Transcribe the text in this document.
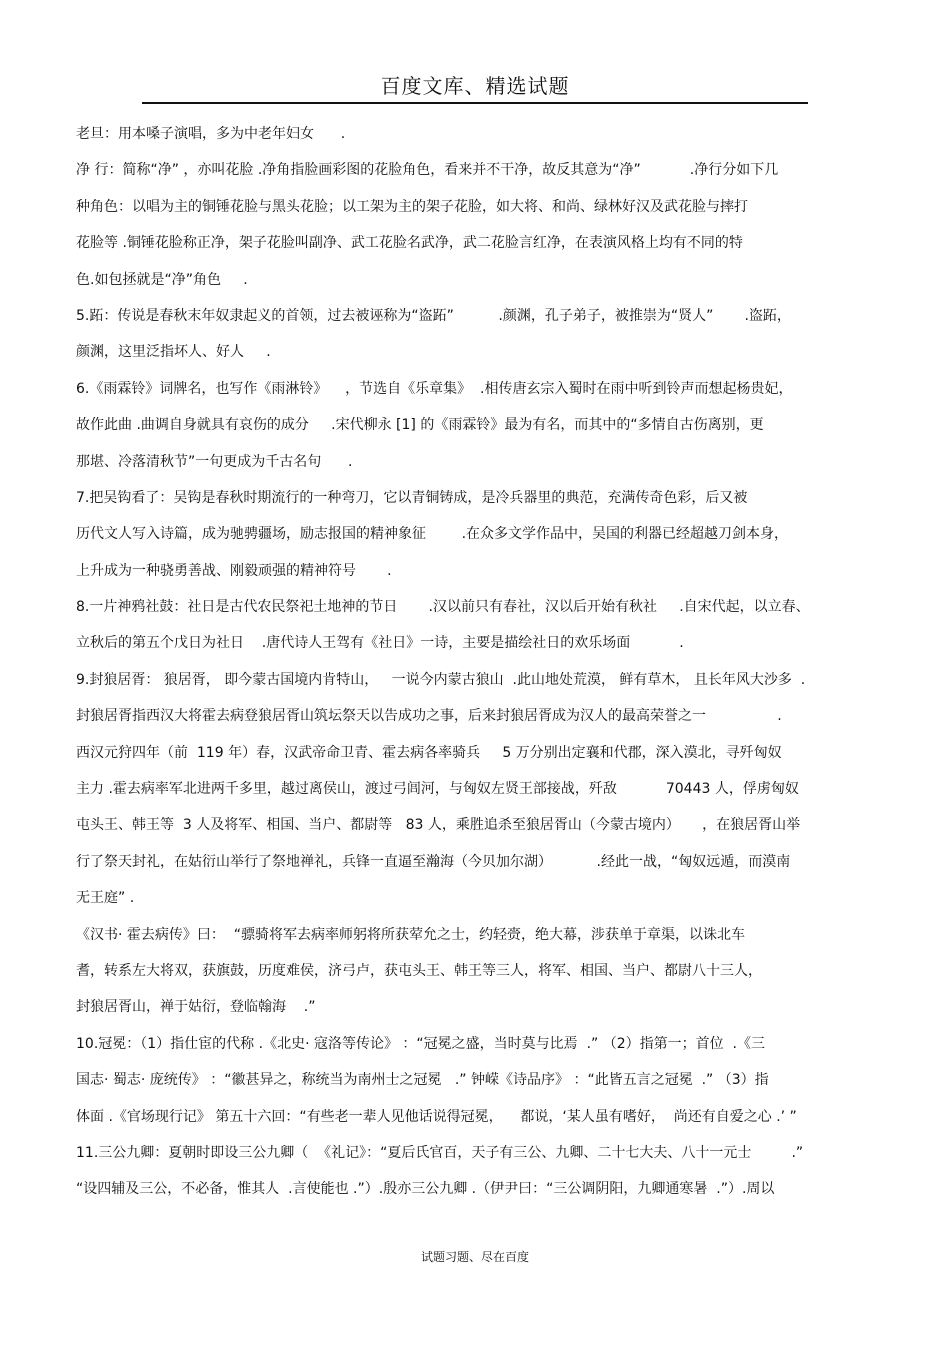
百度文库、精选试题
老旦：用本嗓子演唱，多为中老年妇女      .
净 行：简称“净” ，亦叫花脸 .净角指脸画彩图的花脸角色，看来并不干净，故反其意为“净”           .净行分如下几
种角色：以唱为主的铜锤花脸与黑头花脸；以工架为主的架子花脸，如大将、和尚、绿林好汉及武花脸与摔打
花脸等 .铜锤花脸称正净，架子花脸叫副净、武工花脸名武净，武二花脸言红净，在表演风格上均有不同的特
色.如包拯就是“净”角色     .
5.跖：传说是春秋末年奴隶起义的首领，过去被诬称为“盗跖”          .颜渊，孔子弟子，被推崇为“贤人”       .盗跖，
颜渊，这里泛指坏人、好人     .
6.《雨霖铃》词牌名，也写作《雨淋铃》    ，节选自《乐章集》  .相传唐玄宗入蜀时在雨中听到铃声而想起杨贵妃，
故作此曲 .曲调自身就具有哀伤的成分     .宋代柳永 [1] 的《雨霖铃》最为有名，而其中的“多情自古伤离别，更
那堪、冷落清秋节”一句更成为千古名句      .
7.把吴钩看了：吴钩是春秋时期流行的一种弯刀，它以青铜铸成，是冷兵器里的典范，充满传奇色彩，后又被
历代文人写入诗篇，成为驰骋疆场，励志报国的精神象征        .在众多文学作品中，吴国的利器已经超越刀剑本身，
上升成为一种骁勇善战、刚毅顽强的精神符号       .
8.一片神鸦社鼓：社日是古代农民祭祀土地神的节日       .汉以前只有春社，汉以后开始有秋社     .自宋代起，以立春、
立秋后的第五个戊日为社日    .唐代诗人王驾有《社日》一诗，主要是描绘社日的欢乐场面           .
9.封狼居胥： 狼居胥， 即今蒙古国境内肯特山，   一说今内蒙古狼山  .此山地处荒漠， 鲜有草木， 且长年风大沙多  .
封狼居胥指西汉大将霍去病登狼居胥山筑坛祭天以告成功之事，后来封狼居胥成为汉人的最高荣誉之一                .
西汉元狩四年（前  119 年）春，汉武帝命卫青、霍去病各率骑兵     5 万分别出定襄和代郡，深入漠北，寻歼匈奴
主力 .霍去病率军北进两千多里，越过离侯山，渡过弓闾河，与匈奴左贤王部接战，歼敌           70443 人，俘虏匈奴
屯头王、韩王等  3 人及将军、相国、当户、都尉等   83 人，乘胜追杀至狼居胥山（今蒙古境内）     ，在狼居胥山举
行了祭天封礼，在姑衍山举行了祭地禅礼，兵锋一直逼至瀚海（今贝加尔湖）          .经此一战，“匈奴远遁，而漠南
无王庭” .
《汉书· 霍去病传》曰：  “骠骑将军去病率师躬将所获荤允之士，约轻赍，绝大幕，涉获单于章渠，以诛北车
耆，转系左大将双，获旗鼓，历度难侯，济弓卢，获屯头王、韩王等三人，将军、相国、当户、都尉八十三人，
封狼居胥山，禅于姑衍，登临翰海    .”
10.冠冕：（1）指仕宦的代称 .《北史· 寇洛等传论》 ：“冠冕之盛，当时莫与比焉  .” （2）指第一；首位  .《三
国志· 蜀志· 庞统传》 ：“徽甚异之，称统当为南州士之冠冕   .” 钟嵘《诗品序》 ：“此皆五言之冠冕  .” （3）指
体面 .《官场现行记》 第五十六回：“有些老一辈人见他话说得冠冕，    都说，‘某人虽有嗜好，  尚还有自爱之心 .’ ”
11.三公九卿：夏朝时即设三公九卿（  《礼记》：“夏后氏官百，天子有三公、九卿、二十七大夫、八十一元士         .”
“设四辅及三公，不必备，惟其人  .言使能也 .”）.殷亦三公九卿 .（伊尹曰：“三公调阴阳，九卿通寒暑  .”）.周以
试题习题、尽在百度
